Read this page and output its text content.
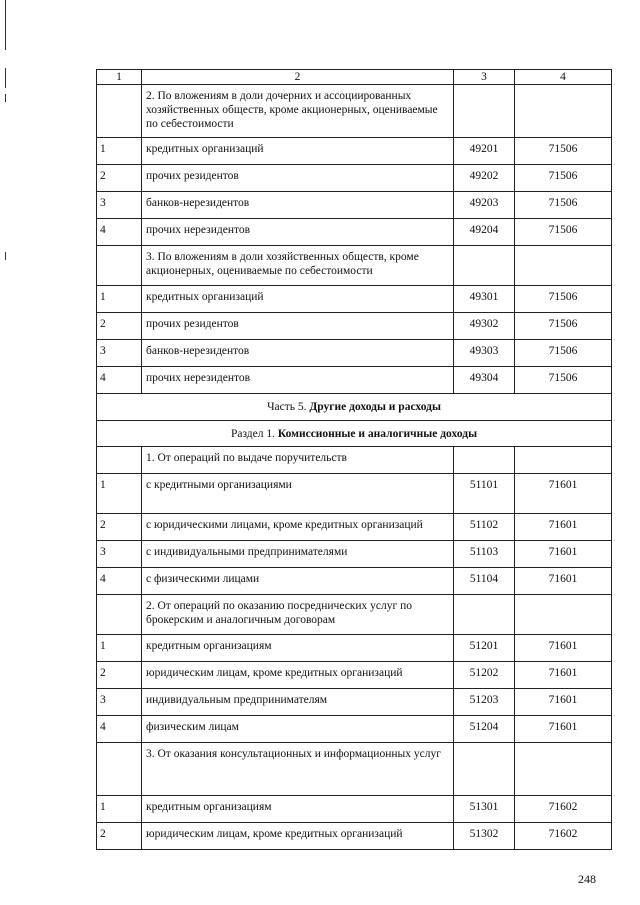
1	2	3	4
	2. По вложениям в доли дочерних и ассоциированных хозяйственных обществ, кроме акционерных, оцениваемые по себестоимости		
1	кредитных организаций	49201	71506
2	прочих резидентов	49202	71506
3	банков-нерезидентов	49203	71506
4	прочих нерезидентов	49204	71506
	3. По вложениям в доли хозяйственных обществ, кроме акционерных, оцениваемые по себестоимости		
1	кредитных организаций	49301	71506
2	прочих резидентов	49302	71506
3	банков-нерезидентов	49303	71506
4	прочих нерезидентов	49304	71506
Часть 5. Другие доходы и расходы			
Раздел 1. Комиссионные и аналогичные доходы			
	1. От операций по выдаче поручительств		
1	с кредитными организациями	51101	71601
2	с юридическими лицами, кроме кредитных организаций	51102	71601
3	с индивидуальными предпринимателями	51103	71601
4	с физическими лицами	51104	71601
	2. От операций по оказанию посреднических услуг по брокерским и аналогичным договорам		
1	кредитным организациям	51201	71601
2	юридическим лицам, кроме кредитных организаций	51202	71601
3	индивидуальным предпринимателям	51203	71601
4	физическим лицам	51204	71601
	3. От оказания консультационных и информационных услуг		
1	кредитным организациям	51301	71602
2	юридическим лицам, кроме кредитных организаций	51302	71602
248
